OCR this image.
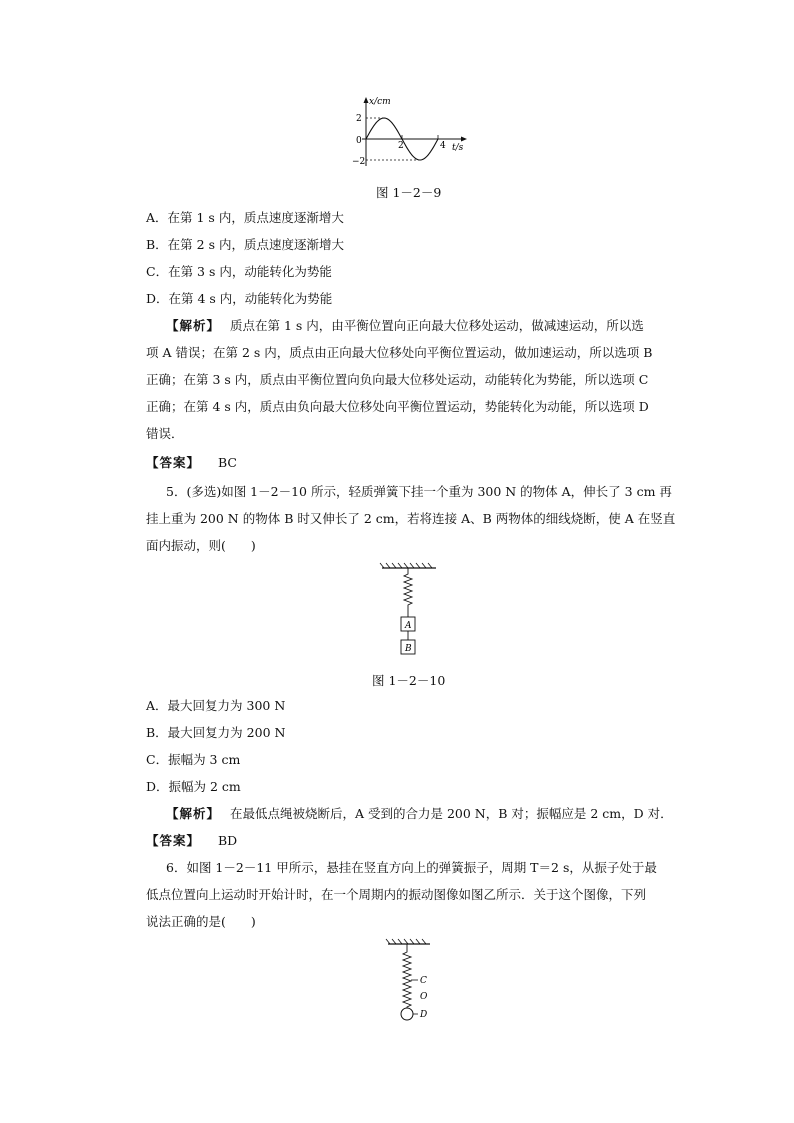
x/cm
2
0
−2
2	4 t/s
图 1－2－9
A．在第 1 s 内，质点速度逐渐增大
B．在第 2 s 内，质点速度逐渐增大
C．在第 3 s 内，动能转化为势能
D．在第 4 s 内，动能转化为势能
【解析】 质点在第 1 s 内，由平衡位置向正向最大位移处运动，做减速运动，所以选
项 A 错误；在第 2 s 内，质点由正向最大位移处向平衡位置运动，做加速运动，所以选项 B
正确；在第 3 s 内，质点由平衡位置向负向最大位移处运动，动能转化为势能，所以选项 C
正确；在第 4 s 内，质点由负向最大位移处向平衡位置运动，势能转化为动能，所以选项 D
错误．
【答案】 BC
5．(多选)如图 1－2－10 所示，轻质弹簧下挂一个重为 300 N 的物体 A，伸长了 3 cm 再
挂上重为 200 N 的物体 B 时又伸长了 2 cm，若将连接 A、B 两物体的细线烧断，使 A 在竖直
面内振动，则(　　)
A
B
图 1－2－10
A．最大回复力为 300 N
B．最大回复力为 200 N
C．振幅为 3 cm
D．振幅为 2 cm
【解析】 在最低点绳被烧断后，A 受到的合力是 200 N，B 对；振幅应是 2 cm，D 对．
【答案】 BD
6．如图 1－2－11 甲所示，悬挂在竖直方向上的弹簧振子，周期 T＝2 s，从振子处于最
低点位置向上运动时开始计时，在一个周期内的振动图像如图乙所示．关于这个图像，下列
说法正确的是(　　)
C
O
D
